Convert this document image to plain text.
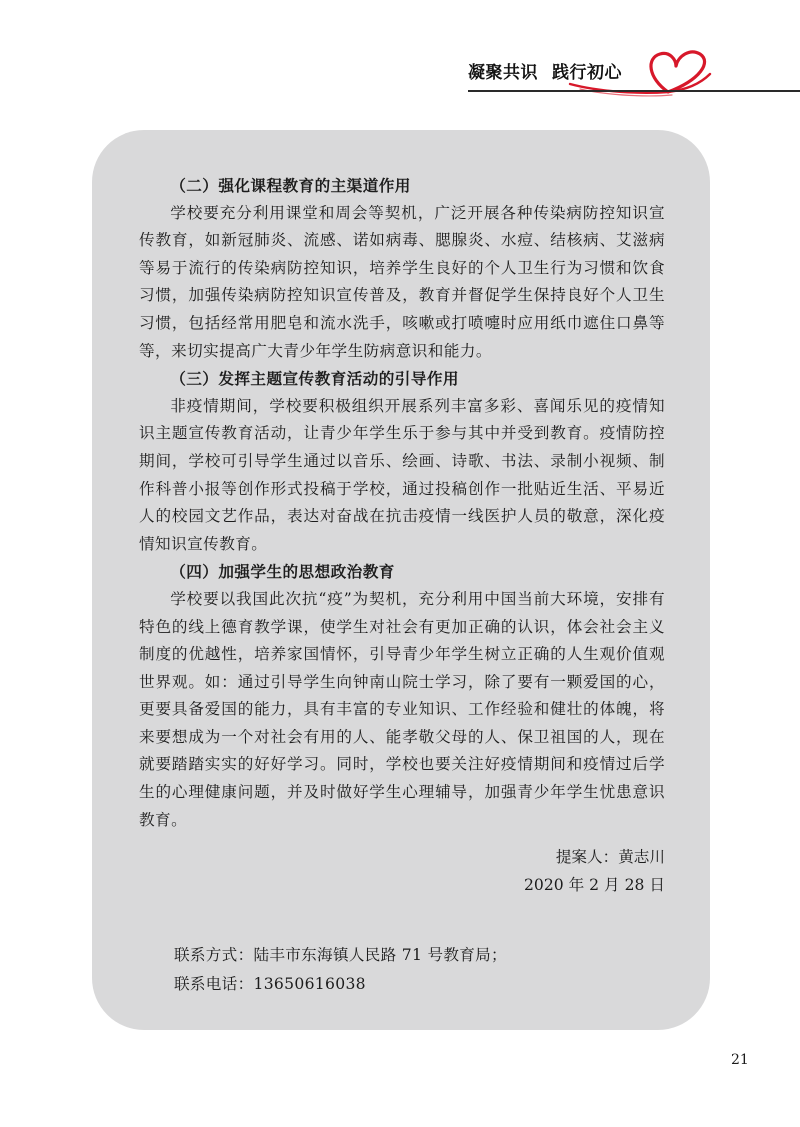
凝聚共识 践行初心
（二）强化课程教育的主渠道作用

学校要充分利用课堂和周会等契机，广泛开展各种传染病防控知识宣传教育，如新冠肺炎、流感、诺如病毒、腮腺炎、水痘、结核病、艾滋病等易于流行的传染病防控知识，培养学生良好的个人卫生行为习惯和饮食习惯，加强传染病防控知识宣传普及，教育并督促学生保持良好个人卫生习惯，包括经常用肥皂和流水洗手，咳嗽或打喷嚏时应用纸巾遮住口鼻等等，来切实提高广大青少年学生防病意识和能力。

（三）发挥主题宣传教育活动的引导作用

非疫情期间，学校要积极组织开展系列丰富多彩、喜闻乐见的疫情知识主题宣传教育活动，让青少年学生乐于参与其中并受到教育。疫情防控期间，学校可引导学生通过以音乐、绘画、诗歌、书法、录制小视频、制作科普小报等创作形式投稿于学校，通过投稿创作一批贴近生活、平易近人的校园文艺作品，表达对奋战在抗击疫情一线医护人员的敬意，深化疫情知识宣传教育。

（四）加强学生的思想政治教育

学校要以我国此次抗“疫”为契机，充分利用中国当前大环境，安排有特色的线上德育教学课，使学生对社会有更加正确的认识，体会社会主义制度的优越性，培养家国情怀，引导青少年学生树立正确的人生观价值观世界观。如：通过引导学生向钟南山院士学习，除了要有一颗爱国的心，更要具备爱国的能力，具有丰富的专业知识、工作经验和健壮的体魄，将来要想成为一个对社会有用的人、能孝敬父母的人、保卫祖国的人，现在就要踏踏实实的好好学习。同时，学校也要关注好疫情期间和疫情过后学生的心理健康问题，并及时做好学生心理辅导，加强青少年学生忧患意识教育。

提案人：黄志川
2020 年 2 月 28 日
联系方式：陆丰市东海镇人民路 71 号教育局；
联系电话：13650616038
21
